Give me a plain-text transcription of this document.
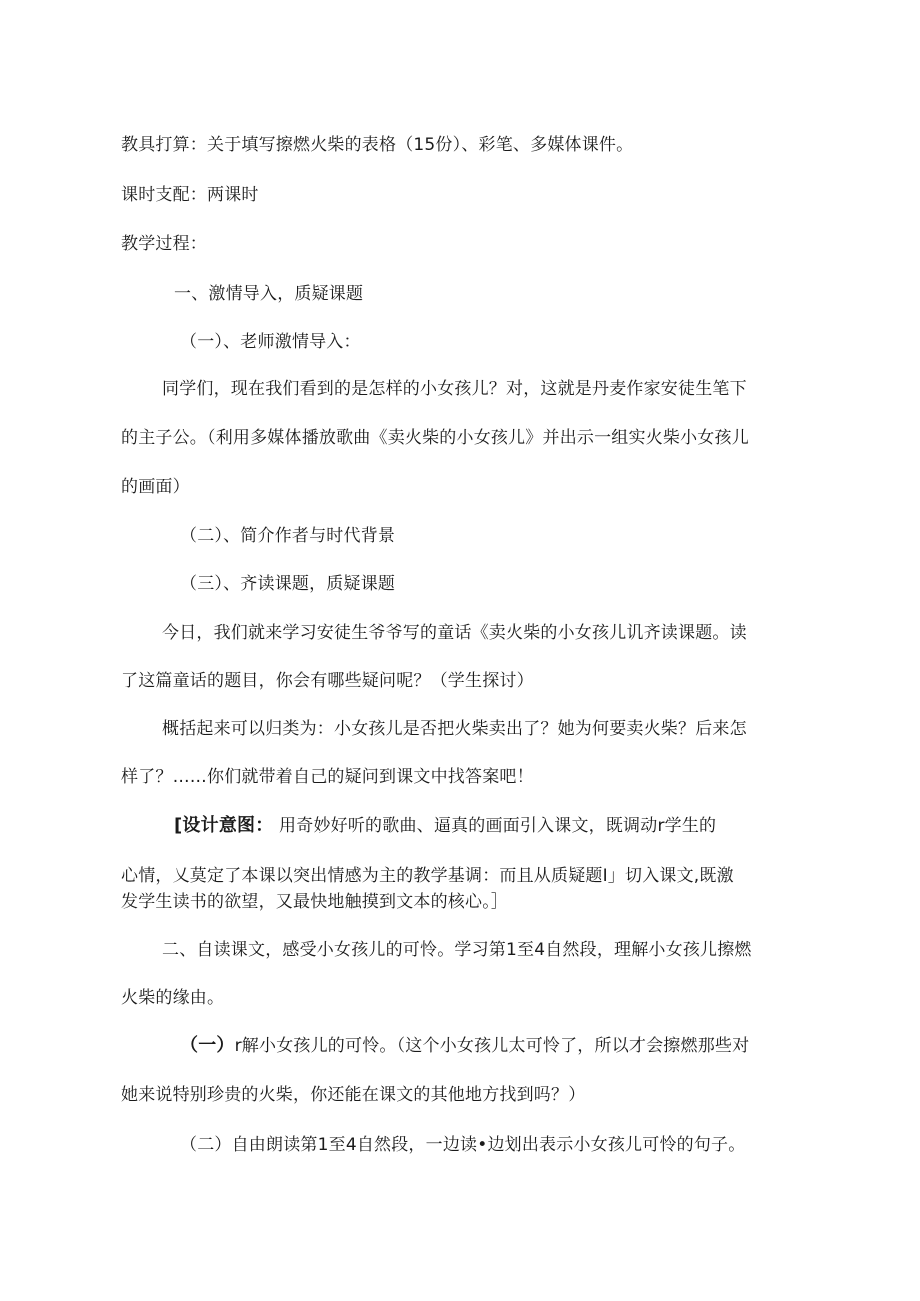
教具打算：关于填写擦燃火柴的表格（15份）、彩笔、多媒体课件。
课时支配：两课时
教学过程：
一、激情导入，质疑课题
（一）、老师激情导入：
同学们，现在我们看到的是怎样的小女孩儿？对，这就是丹麦作家安徒生笔下
的主子公。（利用多媒体播放歌曲《卖火柴的小女孩儿》并出示一组实火柴小女孩儿
的画面）
（二）、简介作者与时代背景
（三）、齐读课题，质疑课题
今日，我们就来学习安徒生爷爷写的童话《卖火柴的小女孩儿讥齐读课题。读
了这篇童话的题目，你会有哪些疑问呢？（学生探讨）
概括起来可以归类为：小女孩儿是否把火柴卖出了？她为何要卖火柴？后来怎
样了？……你们就带着自己的疑问到课文中找答案吧！
[设计意图： 用奇妙好听的歌曲、逼真的画面引入课文，既调动r学生的
心情，乂莫定了本课以突出情感为主的教学基调：而且从质疑题I」切入课文,既激
发学生读书的欲望，又最快地触摸到文本的核心。］
二、自读课文，感受小女孩儿的可怜。学习第1至4自然段，理解小女孩儿擦燃
火柴的缘由。
（一）r解小女孩儿的可怜。（这个小女孩儿太可怜了，所以才会擦燃那些对
她来说特别珍贵的火柴，你还能在课文的其他地方找到吗？）
（二）自由朗读第1至4自然段，一边读•边划出表示小女孩儿可怜的句子。
